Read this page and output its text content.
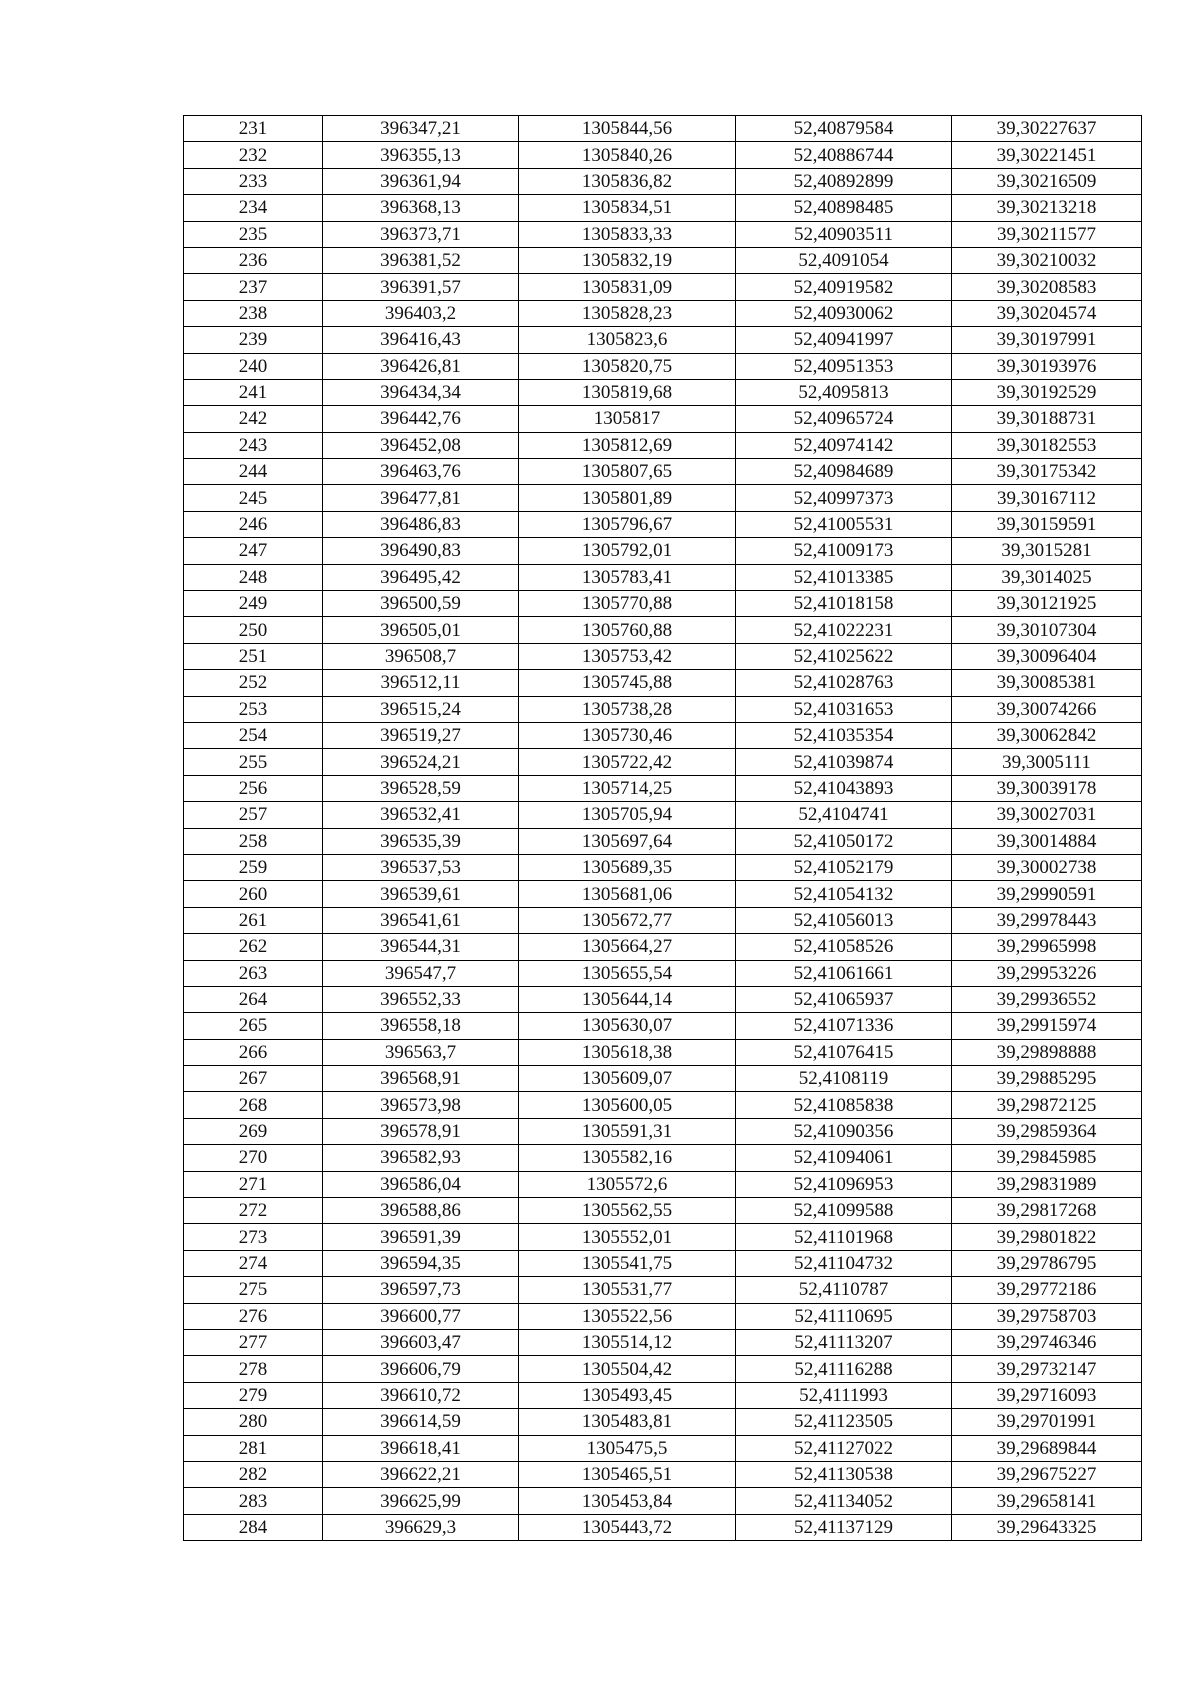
231	396347,21	1305844,56	52,40879584	39,30227637
232	396355,13	1305840,26	52,40886744	39,30221451
233	396361,94	1305836,82	52,40892899	39,30216509
234	396368,13	1305834,51	52,40898485	39,30213218
235	396373,71	1305833,33	52,40903511	39,30211577
236	396381,52	1305832,19	52,4091054	39,30210032
237	396391,57	1305831,09	52,40919582	39,30208583
238	396403,2	1305828,23	52,40930062	39,30204574
239	396416,43	1305823,6	52,40941997	39,30197991
240	396426,81	1305820,75	52,40951353	39,30193976
241	396434,34	1305819,68	52,4095813	39,30192529
242	396442,76	1305817	52,40965724	39,30188731
243	396452,08	1305812,69	52,40974142	39,30182553
244	396463,76	1305807,65	52,40984689	39,30175342
245	396477,81	1305801,89	52,40997373	39,30167112
246	396486,83	1305796,67	52,41005531	39,30159591
247	396490,83	1305792,01	52,41009173	39,3015281
248	396495,42	1305783,41	52,41013385	39,3014025
249	396500,59	1305770,88	52,41018158	39,30121925
250	396505,01	1305760,88	52,41022231	39,30107304
251	396508,7	1305753,42	52,41025622	39,30096404
252	396512,11	1305745,88	52,41028763	39,30085381
253	396515,24	1305738,28	52,41031653	39,30074266
254	396519,27	1305730,46	52,41035354	39,30062842
255	396524,21	1305722,42	52,41039874	39,3005111
256	396528,59	1305714,25	52,41043893	39,30039178
257	396532,41	1305705,94	52,4104741	39,30027031
258	396535,39	1305697,64	52,41050172	39,30014884
259	396537,53	1305689,35	52,41052179	39,30002738
260	396539,61	1305681,06	52,41054132	39,29990591
261	396541,61	1305672,77	52,41056013	39,29978443
262	396544,31	1305664,27	52,41058526	39,29965998
263	396547,7	1305655,54	52,41061661	39,29953226
264	396552,33	1305644,14	52,41065937	39,29936552
265	396558,18	1305630,07	52,41071336	39,29915974
266	396563,7	1305618,38	52,41076415	39,29898888
267	396568,91	1305609,07	52,4108119	39,29885295
268	396573,98	1305600,05	52,41085838	39,29872125
269	396578,91	1305591,31	52,41090356	39,29859364
270	396582,93	1305582,16	52,41094061	39,29845985
271	396586,04	1305572,6	52,41096953	39,29831989
272	396588,86	1305562,55	52,41099588	39,29817268
273	396591,39	1305552,01	52,41101968	39,29801822
274	396594,35	1305541,75	52,41104732	39,29786795
275	396597,73	1305531,77	52,4110787	39,29772186
276	396600,77	1305522,56	52,41110695	39,29758703
277	396603,47	1305514,12	52,41113207	39,29746346
278	396606,79	1305504,42	52,41116288	39,29732147
279	396610,72	1305493,45	52,4111993	39,29716093
280	396614,59	1305483,81	52,41123505	39,29701991
281	396618,41	1305475,5	52,41127022	39,29689844
282	396622,21	1305465,51	52,41130538	39,29675227
283	396625,99	1305453,84	52,41134052	39,29658141
284	396629,3	1305443,72	52,41137129	39,29643325
